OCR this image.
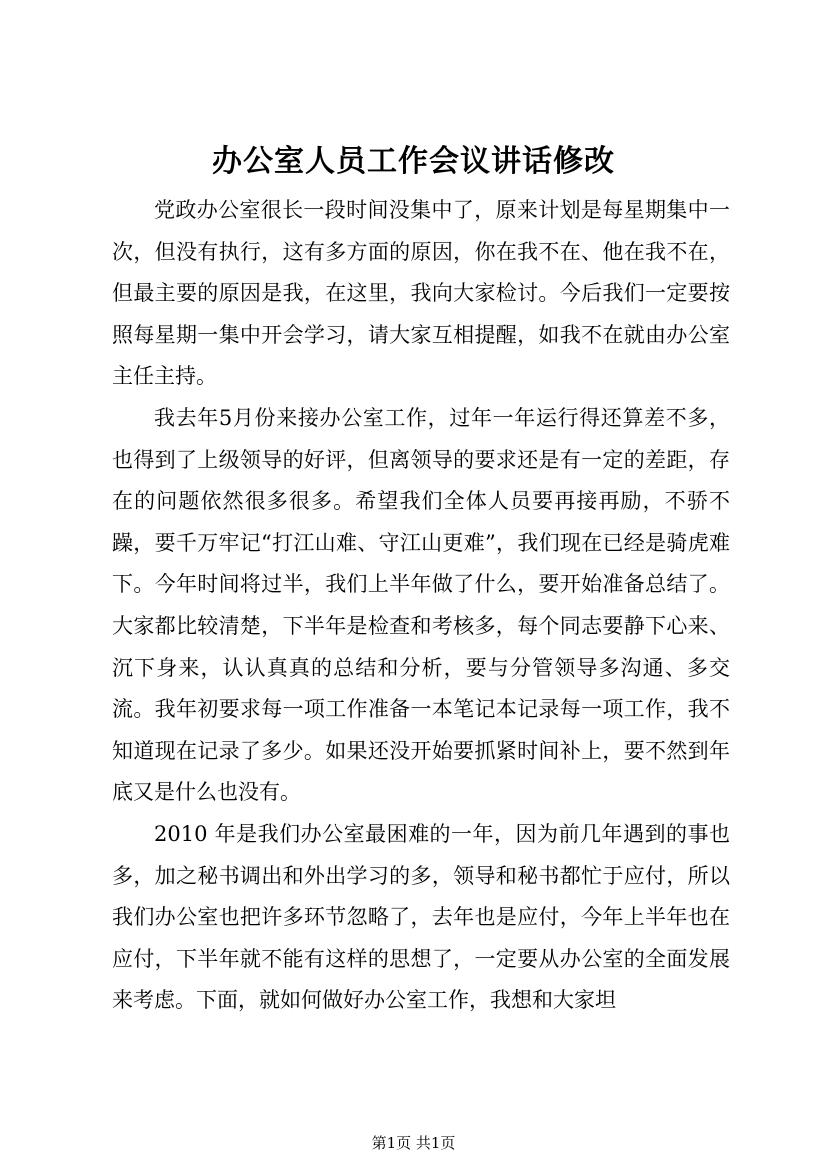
办公室人员工作会议讲话修改

党政办公室很长一段时间没集中了，原来计划是每星期集中一次，但没有执行，这有多方面的原因，你在我不在、他在我不在，但最主要的原因是我，在这里，我向大家检讨。今后我们一定要按照每星期一集中开会学习，请大家互相提醒，如我不在就由办公室主任主持。

我去年5月份来接办公室工作，过年一年运行得还算差不多，也得到了上级领导的好评，但离领导的要求还是有一定的差距，存在的问题依然很多很多。希望我们全体人员要再接再励，不骄不躁，要千万牢记“打江山难、守江山更难”，我们现在已经是骑虎难下。今年时间将过半，我们上半年做了什么，要开始准备总结了。大家都比较清楚，下半年是检查和考核多，每个同志要静下心来、沉下身来，认认真真的总结和分析，要与分管领导多沟通、多交流。我年初要求每一项工作准备一本笔记本记录每一项工作，我不知道现在记录了多少。如果还没开始要抓紧时间补上，要不然到年底又是什么也没有。

2010 年是我们办公室最困难的一年，因为前几年遇到的事也多，加之秘书调出和外出学习的多，领导和秘书都忙于应付，所以我们办公室也把许多环节忽略了，去年也是应付，今年上半年也在应付，下半年就不能有这样的思想了，一定要从办公室的全面发展来考虑。下面，就如何做好办公室工作，我想和大家坦

第1页 共1页
